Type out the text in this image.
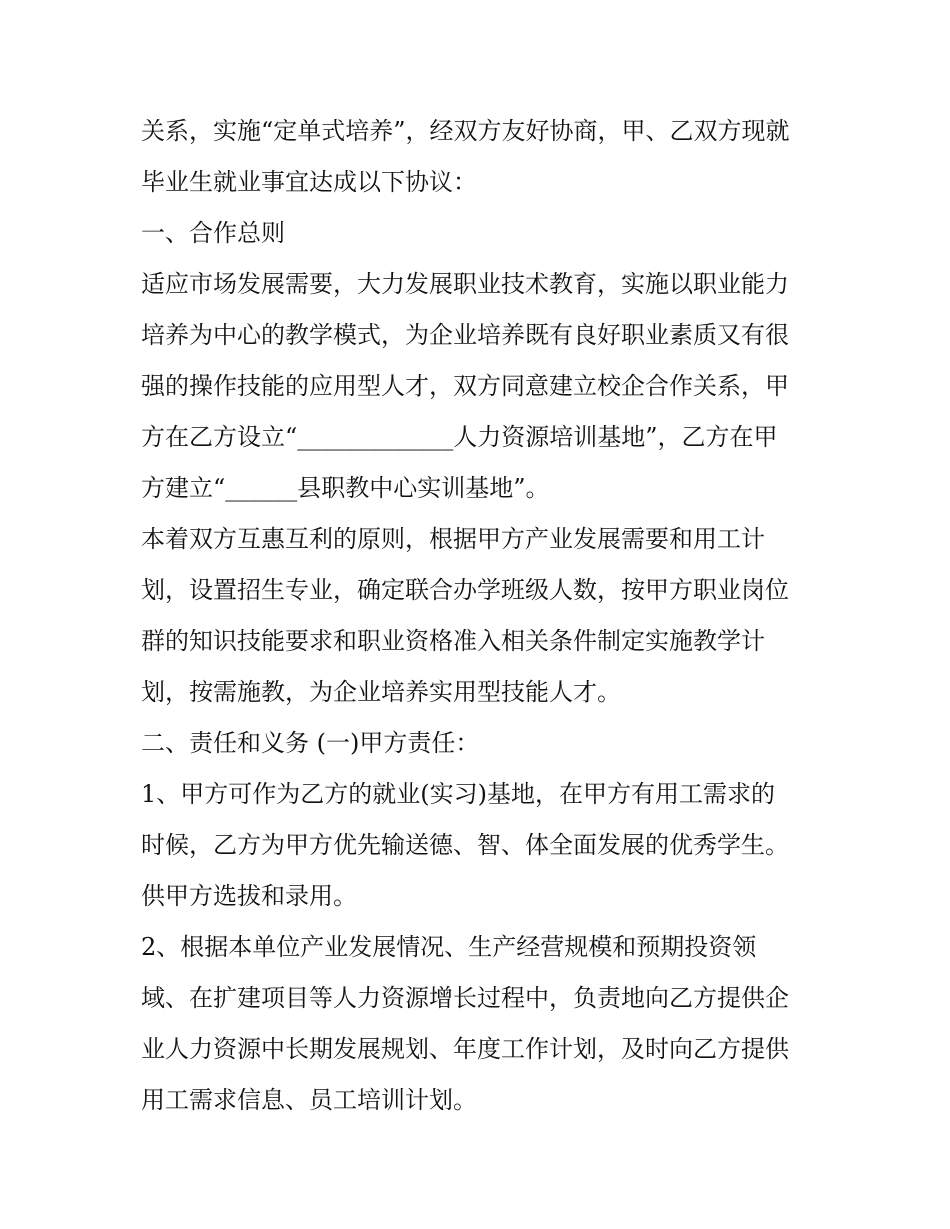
关系，实施“定单式培养”，经双方友好协商，甲、乙双方现就
毕业生就业事宜达成以下协议：
一、合作总则
适应市场发展需要，大力发展职业技术教育，实施以职业能力
培养为中心的教学模式，为企业培养既有良好职业素质又有很
强的操作技能的应用型人才，双方同意建立校企合作关系，甲
方在乙方设立“_____________人力资源培训基地”，乙方在甲
方建立“______县职教中心实训基地”。
本着双方互惠互利的原则，根据甲方产业发展需要和用工计
划，设置招生专业，确定联合办学班级人数，按甲方职业岗位
群的知识技能要求和职业资格准入相关条件制定实施教学计
划，按需施教，为企业培养实用型技能人才。
二、责任和义务 (一)甲方责任：
1、甲方可作为乙方的就业(实习)基地，在甲方有用工需求的
时候，乙方为甲方优先输送德、智、体全面发展的优秀学生。
供甲方选拔和录用。
2、根据本单位产业发展情况、生产经营规模和预期投资领
域、在扩建项目等人力资源增长过程中，负责地向乙方提供企
业人力资源中长期发展规划、年度工作计划，及时向乙方提供
用工需求信息、员工培训计划。
